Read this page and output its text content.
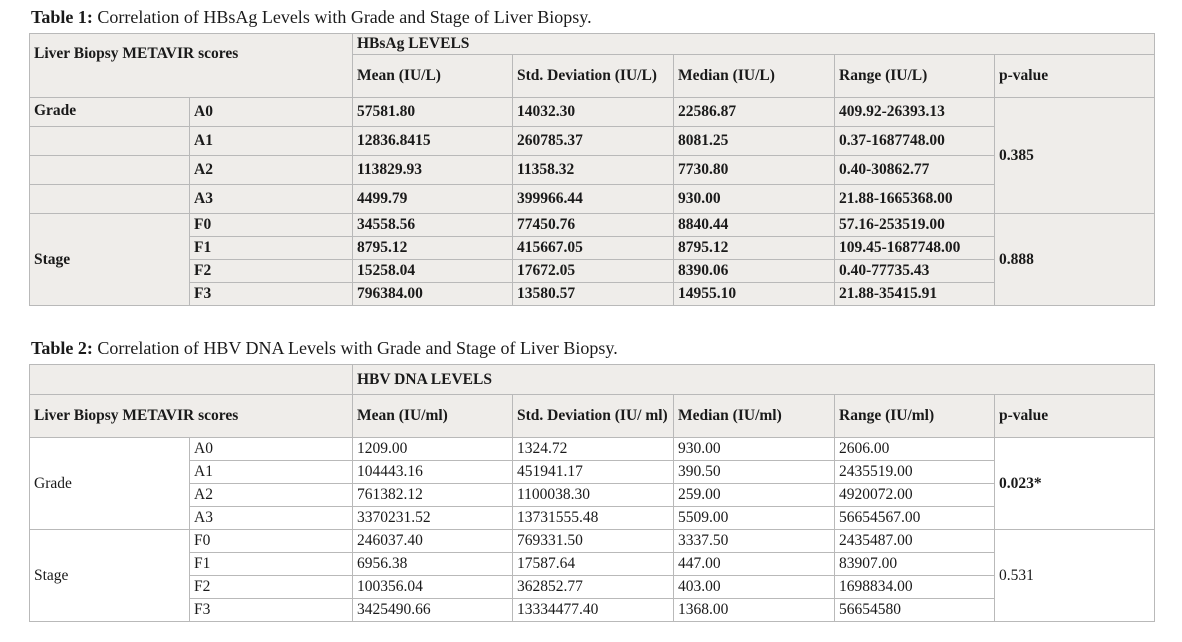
Table 1: Correlation of HBsAg Levels with Grade and Stage of Liver Biopsy.
Liver Biopsy METAVIR scores		HBsAg LEVELS				
		Mean (IU/L)	Std. Deviation (IU/L)	Median (IU/L)	Range (IU/L)	p-value
Grade	A0	57581.80	14032.30	22586.87	409.92-26393.13	0.385
	A1	12836.8415	260785.37	8081.25	0.37-1687748.00	
	A2	113829.93	11358.32	7730.80	0.40-30862.77	
	A3	4499.79	399966.44	930.00	21.88-1665368.00	
Stage	F0	34558.56	77450.76	8840.44	57.16-253519.00	0.888
	F1	8795.12	415667.05	8795.12	109.45-1687748.00	
	F2	15258.04	17672.05	8390.06	0.40-77735.43	
	F3	796384.00	13580.57	14955.10	21.88-35415.91	
Table 2: Correlation of HBV DNA Levels with Grade and Stage of Liver Biopsy.
		HBV DNA LEVELS				
Liver Biopsy METAVIR scores		Mean (IU/ml)	Std. Deviation (IU/ ml)	Median (IU/ml)	Range (IU/ml)	p-value
Grade	A0	1209.00	1324.72	930.00	2606.00	0.023*
	A1	104443.16	451941.17	390.50	2435519.00	
	A2	761382.12	1100038.30	259.00	4920072.00	
	A3	3370231.52	13731555.48	5509.00	56654567.00	
Stage	F0	246037.40	769331.50	3337.50	2435487.00	0.531
	F1	6956.38	17587.64	447.00	83907.00	
	F2	100356.04	362852.77	403.00	1698834.00	
	F3	3425490.66	13334477.40	1368.00	56654580	
